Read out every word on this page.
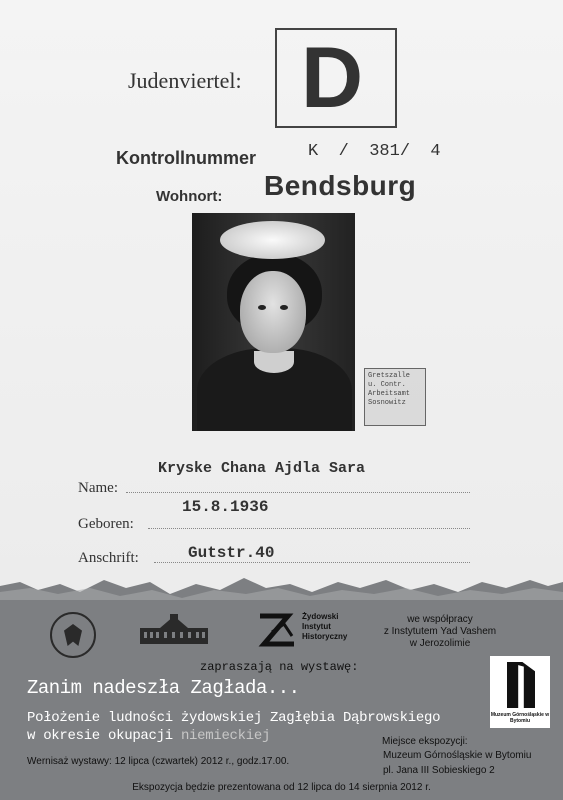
Judenviertel: D
Kontrollnummer	K  /  381/  4
Wohnort: Bendsburg
Gretszalle u. Contr. Arbeitsamt Sosnowitz
Name:
Kryske Chana Ajdla Sara
Geboren:
15.8.1936
Anschrift:	Gutstr.40
Żydowski
Instytut
Historyczny
we współpracy
z Instytutem Yad Vashem
w Jerozolimie
Muzeum Górnośląskie w Bytomiu
zapraszają na wystawę:
Zanim nadeszła Zagłada...
Położenie ludności żydowskiej Zagłębia Dąbrowskiego
w okresie okupacji niemieckiej
Wernisaż wystawy: 12 lipca (czwartek) 2012 r., godz.17.00.
Miejsce ekspozycji:
Muzeum Górnośląskie w Bytomiu
pl. Jana III Sobieskiego 2
Ekspozycja będzie prezentowana od 12 lipca do 14 sierpnia 2012 r.
